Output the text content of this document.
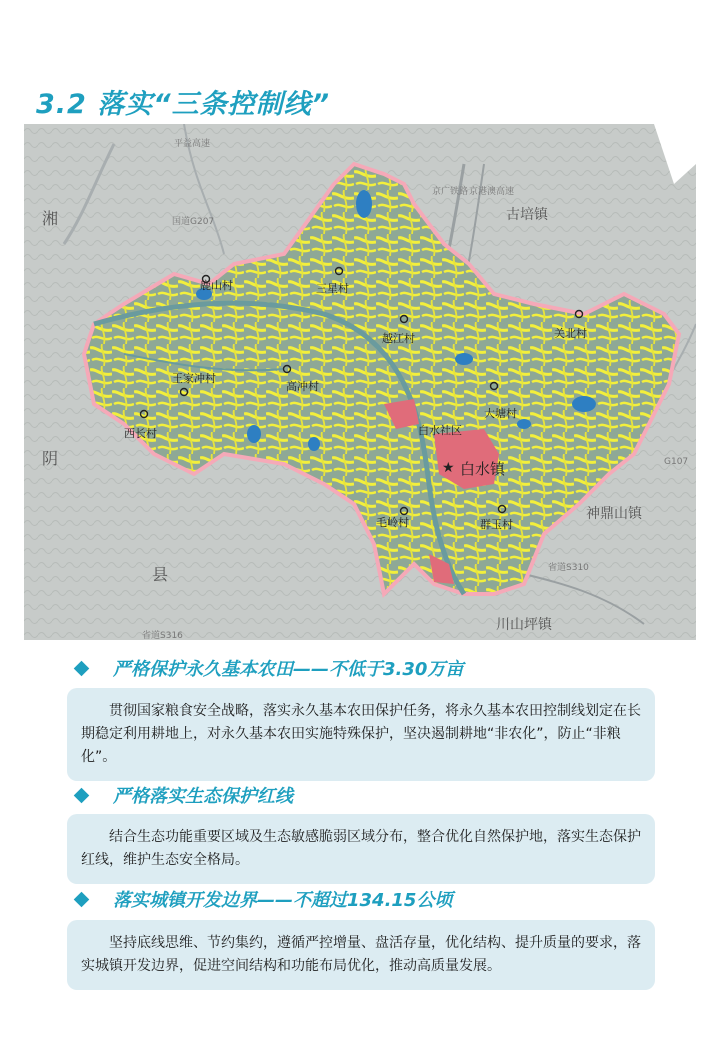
3.2 落实“三条控制线”
鹿山村	三星村
越江村	关北村
王家冲村
高冲村
西长村
大塘村
白水社区
★ 白水镇
毛岭村	群玉村
湘
阴
县
古培镇
神鼎山镇
川山坪镇
平益高速
国道G207
京广铁路 京港澳高速
省道S316
省道S310
G107
严格保护永久基本农田——不低于3.30万亩

贯彻国家粮食安全战略，落实永久基本农田保护任务，将永久基本农田控制线划定在长期稳定利用耕地上，对永久基本农田实施特殊保护，坚决遏制耕地“非农化”，防止“非粮化”。

严格落实生态保护红线

结合生态功能重要区域及生态敏感脆弱区域分布，整合优化自然保护地，落实生态保护红线，维护生态安全格局。

落实城镇开发边界——不超过134.15公顷

坚持底线思维、节约集约，遵循严控增量、盘活存量，优化结构、提升质量的要求，落实城镇开发边界，促进空间结构和功能布局优化，推动高质量发展。
